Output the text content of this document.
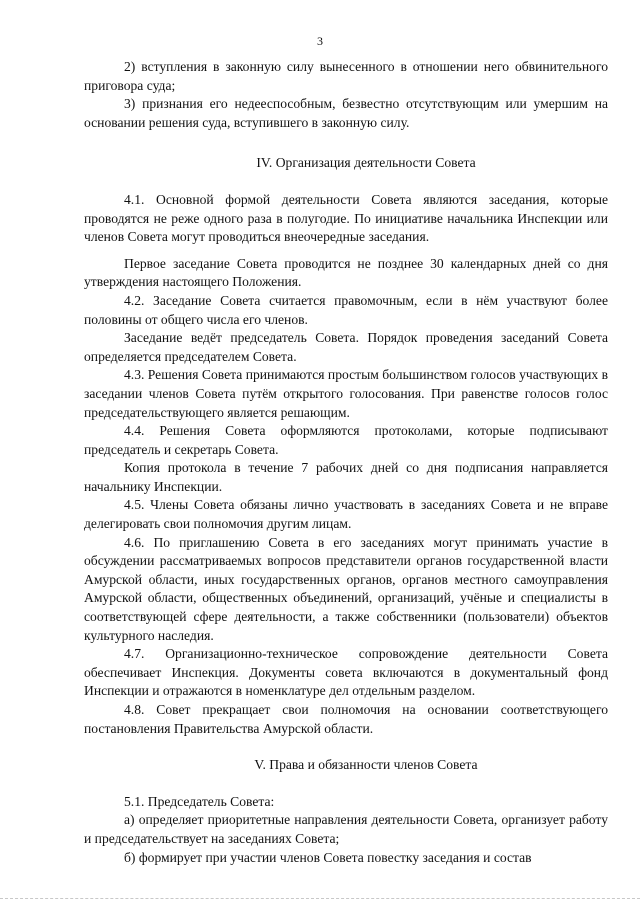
3

2) вступления в законную силу вынесенного в отношении него обвинительного приговора суда;

3) признания его недееспособным, безвестно отсутствующим или умершим на основании решения суда, вступившего в законную силу.

IV. Организация деятельности Совета

4.1. Основной формой деятельности Совета являются заседания, которые проводятся не реже одного раза в полугодие. По инициативе начальника Инспекции или членов Совета могут проводиться внеочередные заседания.

Первое заседание Совета проводится не позднее 30 календарных дней со дня утверждения настоящего Положения.

4.2. Заседание Совета считается правомочным, если в нём участвуют более половины от общего числа его членов.

Заседание ведёт председатель Совета. Порядок проведения заседаний Совета определяется председателем Совета.

4.3. Решения Совета принимаются простым большинством голосов участвующих в заседании членов Совета путём открытого голосования. При равенстве голосов голос председательствующего является решающим.

4.4. Решения Совета оформляются протоколами, которые подписывают председатель и секретарь Совета.

Копия протокола в течение 7 рабочих дней со дня подписания направляется начальнику Инспекции.

4.5. Члены Совета обязаны лично участвовать в заседаниях Совета и не вправе делегировать свои полномочия другим лицам.

4.6. По приглашению Совета в его заседаниях могут принимать участие в обсуждении рассматриваемых вопросов представители органов государственной власти Амурской области, иных государственных органов, органов местного самоуправления Амурской области, общественных объединений, организаций, учёные и специалисты в соответствующей сфере деятельности, а также собственники (пользователи) объектов культурного наследия.

4.7. Организационно-техническое сопровождение деятельности Совета обеспечивает Инспекция. Документы совета включаются в документальный фонд Инспекции и отражаются в номенклатуре дел отдельным разделом.

4.8. Совет прекращает свои полномочия на основании соответствующего постановления Правительства Амурской области.

V. Права и обязанности членов Совета

5.1. Председатель Совета:

а) определяет приоритетные направления деятельности Совета, организует работу и председательствует на заседаниях Совета;

б) формирует при участии членов Совета повестку заседания и состав
